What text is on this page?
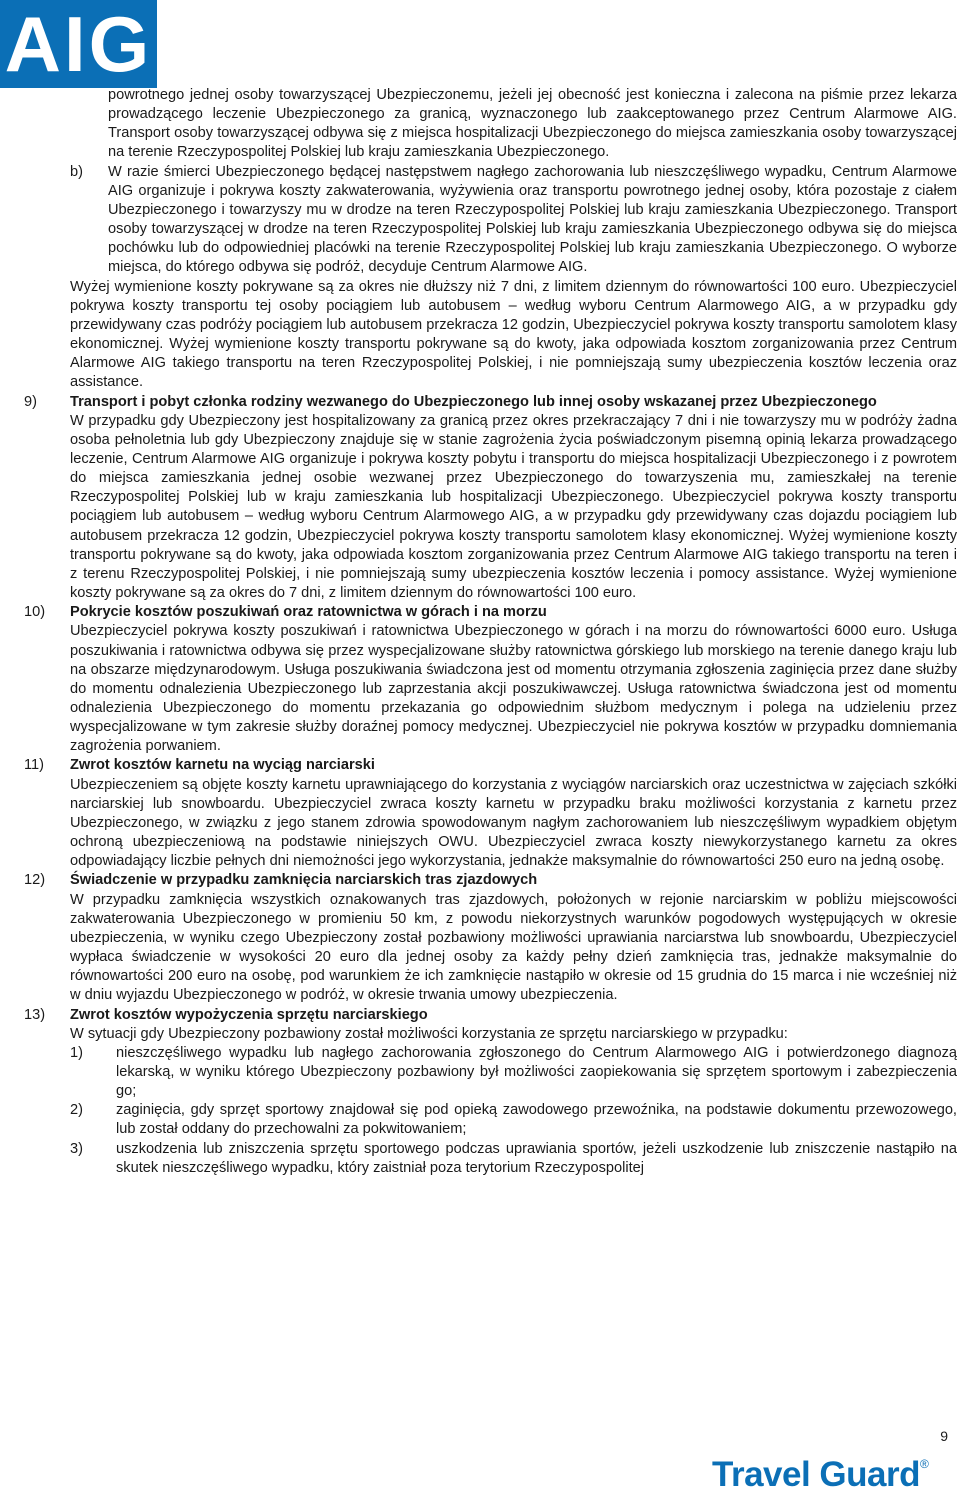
AIG

powrotnego jednej osoby towarzyszącej Ubezpieczonemu, jeżeli jej obecność jest konieczna i zalecona na piśmie przez lekarza prowadzącego leczenie Ubezpieczonego za granicą, wyznaczonego lub zaakceptowanego przez Centrum Alarmowe AIG. Transport osoby towarzyszącej odbywa się z miejsca hospitalizacji Ubezpieczonego do miejsca zamieszkania osoby towarzyszącej na terenie Rzeczypospolitej Polskiej lub kraju zamieszkania Ubezpieczonego.

b) W razie śmierci Ubezpieczonego będącej następstwem nagłego zachorowania lub nieszczęśliwego wypadku, Centrum Alarmowe AIG organizuje i pokrywa koszty zakwaterowania, wyżywienia oraz transportu powrotnego jednej osoby, która pozostaje z ciałem Ubezpieczonego i towarzyszy mu w drodze na teren Rzeczypospolitej Polskiej lub kraju zamieszkania Ubezpieczonego. Transport osoby towarzyszącej w drodze na teren Rzeczypospolitej Polskiej lub kraju zamieszkania Ubezpieczonego odbywa się do miejsca pochówku lub do odpowiedniej placówki na terenie Rzeczypospolitej Polskiej lub kraju zamieszkania Ubezpieczonego. O wyborze miejsca, do którego odbywa się podróż, decyduje Centrum Alarmowe AIG.

Wyżej wymienione koszty pokrywane są za okres nie dłuższy niż 7 dni, z limitem dziennym do równowartości 100 euro. Ubezpieczyciel pokrywa koszty transportu tej osoby pociągiem lub autobusem – według wyboru Centrum Alarmowego AIG, a w przypadku gdy przewidywany czas podróży pociągiem lub autobusem przekracza 12 godzin, Ubezpieczyciel pokrywa koszty transportu samolotem klasy ekonomicznej. Wyżej wymienione koszty transportu pokrywane są do kwoty, jaka odpowiada kosztom zorganizowania przez Centrum Alarmowe AIG takiego transportu na teren Rzeczypospolitej Polskiej, i nie pomniejszają sumy ubezpieczenia kosztów leczenia oraz assistance.

9) Transport i pobyt członka rodziny wezwanego do Ubezpieczonego lub innej osoby wskazanej przez Ubezpieczonego

W przypadku gdy Ubezpieczony jest hospitalizowany za granicą przez okres przekraczający 7 dni i nie towarzyszy mu w podróży żadna osoba pełnoletnia lub gdy Ubezpieczony znajduje się w stanie zagrożenia życia poświadczonym pisemną opinią lekarza prowadzącego leczenie, Centrum Alarmowe AIG organizuje i pokrywa koszty pobytu i transportu do miejsca hospitalizacji Ubezpieczonego i z powrotem do miejsca zamieszkania jednej osobie wezwanej przez Ubezpieczonego do towarzyszenia mu, zamieszkałej na terenie Rzeczypospolitej Polskiej lub w kraju zamieszkania lub hospitalizacji Ubezpieczonego. Ubezpieczyciel pokrywa koszty transportu pociągiem lub autobusem – według wyboru Centrum Alarmowego AIG, a w przypadku gdy przewidywany czas dojazdu pociągiem lub autobusem przekracza 12 godzin, Ubezpieczyciel pokrywa koszty transportu samolotem klasy ekonomicznej. Wyżej wymienione koszty transportu pokrywane są do kwoty, jaka odpowiada kosztom zorganizowania przez Centrum Alarmowe AIG takiego transportu na teren i z terenu Rzeczypospolitej Polskiej, i nie pomniejszają sumy ubezpieczenia kosztów leczenia i pomocy assistance. Wyżej wymienione koszty pokrywane są za okres do 7 dni, z limitem dziennym do równowartości 100 euro.

10) Pokrycie kosztów poszukiwań oraz ratownictwa w górach i na morzu

Ubezpieczyciel pokrywa koszty poszukiwań i ratownictwa Ubezpieczonego w górach i na morzu do równowartości 6000 euro. Usługa poszukiwania i ratownictwa odbywa się przez wyspecjalizowane służby ratownictwa górskiego lub morskiego na terenie danego kraju lub na obszarze międzynarodowym. Usługa poszukiwania świadczona jest od momentu otrzymania zgłoszenia zaginięcia przez dane służby do momentu odnalezienia Ubezpieczonego lub zaprzestania akcji poszukiwawczej. Usługa ratownictwa świadczona jest od momentu odnalezienia Ubezpieczonego do momentu przekazania go odpowiednim służbom medycznym i polega na udzieleniu przez wyspecjalizowane w tym zakresie służby doraźnej pomocy medycznej. Ubezpieczyciel nie pokrywa kosztów w przypadku domniemania zagrożenia porwaniem.

11) Zwrot kosztów karnetu na wyciąg narciarski

Ubezpieczeniem są objęte koszty karnetu uprawniającego do korzystania z wyciągów narciarskich oraz uczestnictwa w zajęciach szkółki narciarskiej lub snowboardu. Ubezpieczyciel zwraca koszty karnetu w przypadku braku możliwości korzystania z karnetu przez Ubezpieczonego, w związku z jego stanem zdrowia spowodowanym nagłym zachorowaniem lub nieszczęśliwym wypadkiem objętym ochroną ubezpieczeniową na podstawie niniejszych OWU. Ubezpieczyciel zwraca koszty niewykorzystanego karnetu za okres odpowiadający liczbie pełnych dni niemożności jego wykorzystania, jednakże maksymalnie do równowartości 250 euro na jedną osobę.

12) Świadczenie w przypadku zamknięcia narciarskich tras zjazdowych

W przypadku zamknięcia wszystkich oznakowanych tras zjazdowych, położonych w rejonie narciarskim w pobliżu miejscowości zakwaterowania Ubezpieczonego w promieniu 50 km, z powodu niekorzystnych warunków pogodowych występujących w okresie ubezpieczenia, w wyniku czego Ubezpieczony został pozbawiony możliwości uprawiania narciarstwa lub snowboardu, Ubezpieczyciel wypłaca świadczenie w wysokości 20 euro dla jednej osoby za każdy pełny dzień zamknięcia tras, jednakże maksymalnie do równowartości 200 euro na osobę, pod warunkiem że ich zamknięcie nastąpiło w okresie od 15 grudnia do 15 marca i nie wcześniej niż w dniu wyjazdu Ubezpieczonego w podróż, w okresie trwania umowy ubezpieczenia.

13) Zwrot kosztów wypożyczenia sprzętu narciarskiego

W sytuacji gdy Ubezpieczony pozbawiony został możliwości korzystania ze sprzętu narciarskiego w przypadku:

1) nieszczęśliwego wypadku lub nagłego zachorowania zgłoszonego do Centrum Alarmowego AIG i potwierdzonego diagnozą lekarską, w wyniku którego Ubezpieczony pozbawiony był możliwości zaopiekowania się sprzętem sportowym i zabezpieczenia go;

2) zaginięcia, gdy sprzęt sportowy znajdował się pod opieką zawodowego przewoźnika, na podstawie dokumentu przewozowego, lub został oddany do przechowalni za pokwitowaniem;

3) uszkodzenia lub zniszczenia sprzętu sportowego podczas uprawiania sportów, jeżeli uszkodzenie lub zniszczenie nastąpiło na skutek nieszczęśliwego wypadku, który zaistniał poza terytorium Rzeczypospolitej

9
Travel Guard®
